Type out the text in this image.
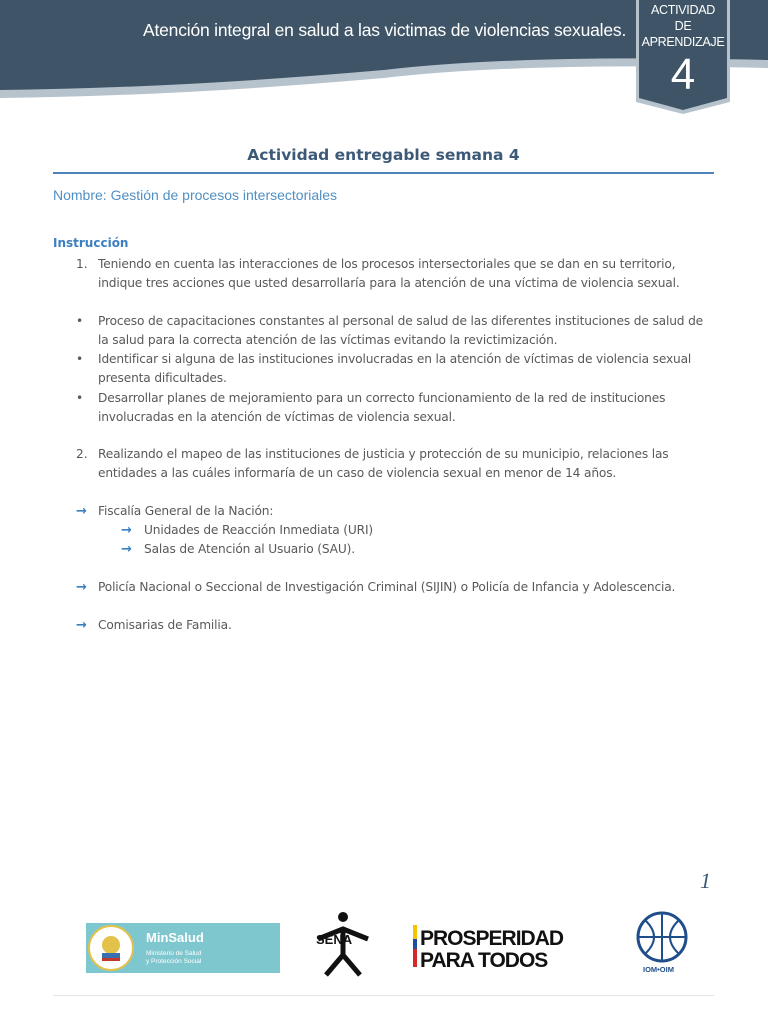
Atención integral en salud a las victimas de violencias sexuales.
ACTIVIDAD
DE
APRENDIZAJE
4
Actividad entregable semana 4
Nombre: Gestión de procesos intersectoriales
Instrucción
1. Teniendo en cuenta las interacciones de los procesos intersectoriales que se dan en su territorio,
indique tres acciones que usted desarrollaría para la atención de una víctima de violencia sexual.
• Proceso de capacitaciones constantes al personal de salud de las diferentes instituciones de salud de
la salud para la correcta atención de las víctimas evitando la revictimización.
• Identificar si alguna de las instituciones involucradas en la atención de víctimas de violencia sexual
presenta dificultades.
• Desarrollar planes de mejoramiento para un correcto funcionamiento de la red de instituciones
involucradas en la atención de víctimas de violencia sexual.
2. Realizando el mapeo de las instituciones de justicia y protección de su municipio, relaciones las
entidades a las cuáles informaría de un caso de violencia sexual en menor de 14 años.
→ Fiscalía General de la Nación:
→ Unidades de Reacción Inmediata (URI)
→ Salas de Atención al Usuario (SAU).
→ Policía Nacional o Seccional de Investigación Criminal (SIJIN) o Policía de Infancia y Adolescencia.
→ Comisarias de Familia.
1
MinSalud
Ministerio de Salud
y Protección Social
SENA	PROSPERIDAD
PARA TODOS	IOM•OIM
